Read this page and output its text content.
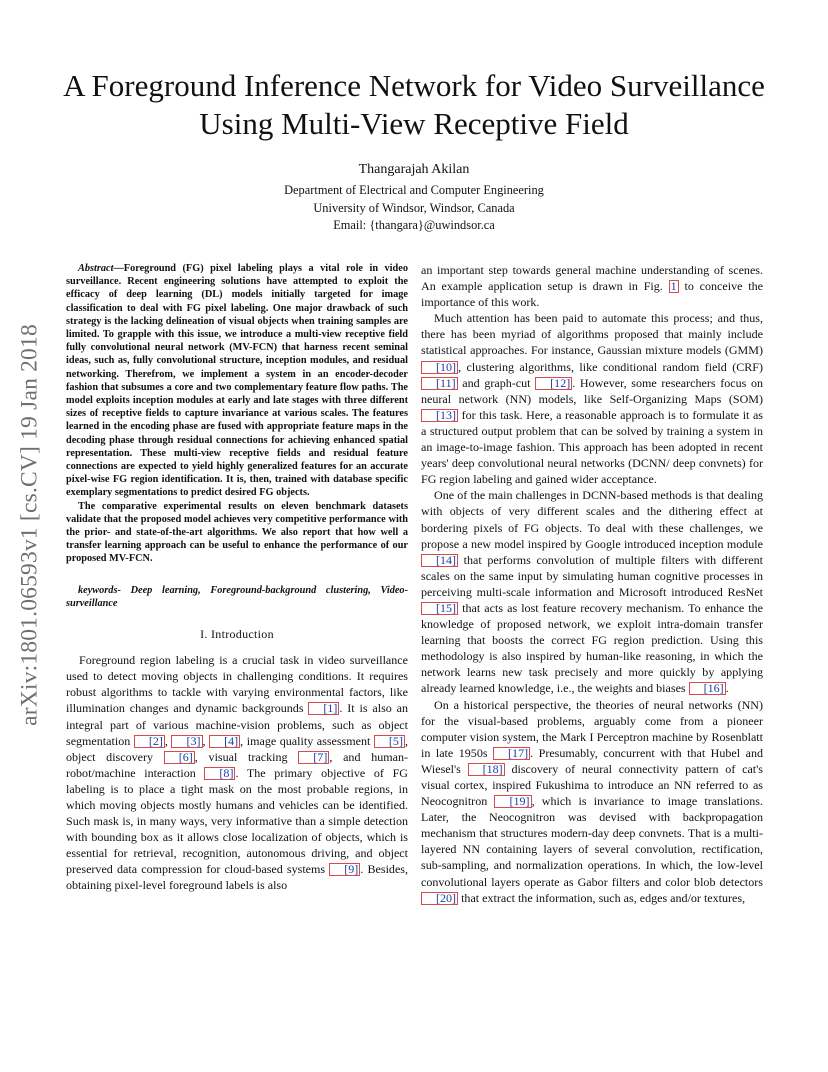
arXiv:1801.06593v1 [cs.CV] 19 Jan 2018
A Foreground Inference Network for Video Surveillance Using Multi-View Receptive Field
Thangarajah Akilan
Department of Electrical and Computer Engineering
University of Windsor, Windsor, Canada
Email: {thangara}@uwindsor.ca

Abstract—Foreground (FG) pixel labeling plays a vital role in video surveillance. Recent engineering solutions have attempted to exploit the efficacy of deep learning (DL) models initially targeted for image classification to deal with FG pixel labeling. One major drawback of such strategy is the lacking delineation of visual objects when training samples are limited. To grapple with this issue, we introduce a multi-view receptive field fully convolutional neural network (MV-FCN) that harness recent seminal ideas, such as, fully convolutional structure, inception modules, and residual networking. Therefrom, we implement a system in an encoder-decoder fashion that subsumes a core and two complementary feature flow paths. The model exploits inception modules at early and late stages with three different sizes of receptive fields to capture invariance at various scales. The features learned in the encoding phase are fused with appropriate feature maps in the decoding phase through residual connections for achieving enhanced spatial representation. These multi-view receptive fields and residual feature connections are expected to yield highly generalized features for an accurate pixel-wise FG region identification. It is, then, trained with database specific exemplary segmentations to predict desired FG objects.

The comparative experimental results on eleven benchmark datasets validate that the proposed model achieves very competitive performance with the prior- and state-of-the-art algorithms. We also report that how well a transfer learning approach can be useful to enhance the performance of our proposed MV-FCN.

keywords- Deep learning, Foreground-background clustering, Video-surveillance

I. Introduction

Foreground region labeling is a crucial task in video surveillance used to detect moving objects in challenging conditions. It requires robust algorithms to tackle with varying environmental factors, like illumination changes and dynamic backgrounds [1] . It is also an integral part of various machine-vision problems, such as object segmentation [2] , [3] , [4] , image quality assessment [5] , object discovery [6] , visual tracking [7] , and human-robot/machine interaction [8] . The primary objective of FG labeling is to place a tight mask on the most probable regions, in which moving objects mostly humans and vehicles can be identified. Such mask is, in many ways, very informative than a simple detection with bounding box as it allows close localization of objects, which is essential for retrieval, recognition, autonomous driving, and object preserved data compression for cloud-based systems [9] . Besides, obtaining pixel-level foreground labels is also

an important step towards general machine understanding of scenes. An example application setup is drawn in Fig. 1 to conceive the importance of this work.

Much attention has been paid to automate this process; and thus, there has been myriad of algorithms proposed that mainly include statistical approaches. For instance, Gaussian mixture models (GMM) [10] , clustering algorithms, like conditional random field (CRF) [11] and graph-cut [12] . However, some researchers focus on neural network (NN) models, like Self-Organizing Maps (SOM) [13] for this task. Here, a reasonable approach is to formulate it as a structured output problem that can be solved by training a system in an image-to-image fashion. This approach has been adopted in recent years' deep convolutional neural networks (DCNN/ deep convnets) for FG region labeling and gained wider acceptance.

One of the main challenges in DCNN-based methods is that dealing with objects of very different scales and the dithering effect at bordering pixels of FG objects. To deal with these challenges, we propose a new model inspired by Google introduced inception module [14] that performs convolution of multiple filters with different scales on the same input by simulating human cognitive processes in perceiving multi-scale information and Microsoft introduced ResNet [15] that acts as lost feature recovery mechanism. To enhance the knowledge of proposed network, we exploit intra-domain transfer learning that boosts the correct FG region prediction. Using this methodology is also inspired by human-like reasoning, in which the network learns new task precisely and more quickly by applying already learned knowledge, i.e., the weights and biases [16] .

On a historical perspective, the theories of neural networks (NN) for the visual-based problems, arguably come from a pioneer computer vision system, the Mark I Perceptron machine by Rosenblatt in late 1950s [17] . Presumably, concurrent with that Hubel and Wiesel's [18] discovery of neural connectivity pattern of cat's visual cortex, inspired Fukushima to introduce an NN referred to as Neocognitron [19] , which is invariance to image translations. Later, the Neocognitron was devised with backpropagation mechanism that structures modern-day deep convnets. That is a multi-layered NN containing layers of several convolution, rectification, sub-sampling, and normalization operations. In which, the low-level convolutional layers operate as Gabor filters and color blob detectors [20] that extract the information, such as, edges and/or textures,
